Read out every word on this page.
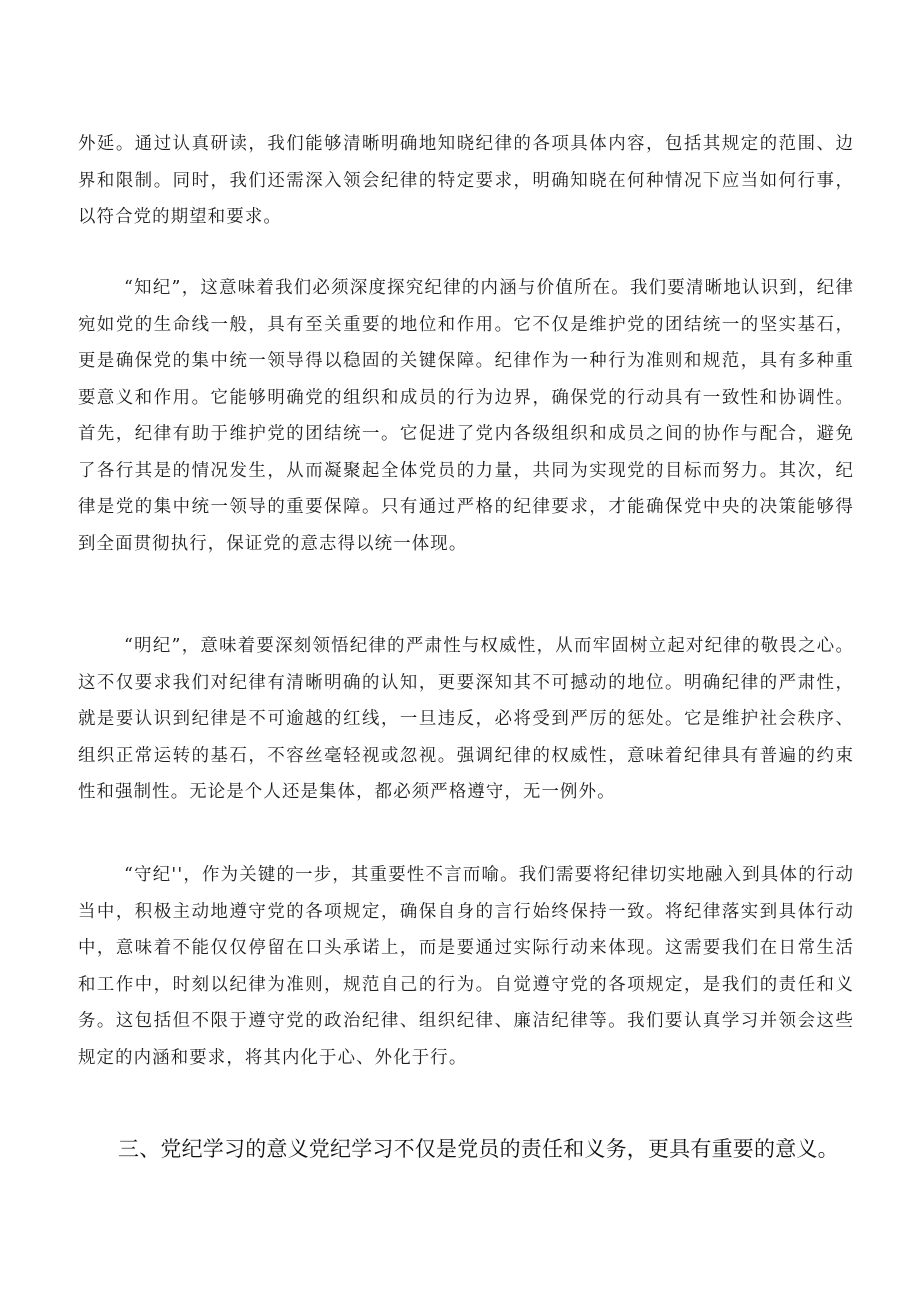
外延。通过认真研读，我们能够清晰明确地知晓纪律的各项具体内容，包括其规定的范围、边界和限制。同时，我们还需深入领会纪律的特定要求，明确知晓在何种情况下应当如何行事，以符合党的期望和要求。

“知纪”，这意味着我们必须深度探究纪律的内涵与价值所在。我们要清晰地认识到，纪律宛如党的生命线一般，具有至关重要的地位和作用。它不仅是维护党的团结统一的坚实基石，更是确保党的集中统一领导得以稳固的关键保障。纪律作为一种行为准则和规范，具有多种重要意义和作用。它能够明确党的组织和成员的行为边界，确保党的行动具有一致性和协调性。首先，纪律有助于维护党的团结统一。它促进了党内各级组织和成员之间的协作与配合，避免了各行其是的情况发生，从而凝聚起全体党员的力量，共同为实现党的目标而努力。其次，纪律是党的集中统一领导的重要保障。只有通过严格的纪律要求，才能确保党中央的决策能够得到全面贯彻执行，保证党的意志得以统一体现。

“明纪”，意味着要深刻领悟纪律的严肃性与权威性，从而牢固树立起对纪律的敬畏之心。这不仅要求我们对纪律有清晰明确的认知，更要深知其不可撼动的地位。明确纪律的严肃性，就是要认识到纪律是不可逾越的红线，一旦违反，必将受到严厉的惩处。它是维护社会秩序、组织正常运转的基石，不容丝毫轻视或忽视。强调纪律的权威性，意味着纪律具有普遍的约束性和强制性。无论是个人还是集体，都必须严格遵守，无一例外。

“守纪''，作为关键的一步，其重要性不言而喻。我们需要将纪律切实地融入到具体的行动当中，积极主动地遵守党的各项规定，确保自身的言行始终保持一致。将纪律落实到具体行动中，意味着不能仅仅停留在口头承诺上，而是要通过实际行动来体现。这需要我们在日常生活和工作中，时刻以纪律为准则，规范自己的行为。自觉遵守党的各项规定，是我们的责任和义务。这包括但不限于遵守党的政治纪律、组织纪律、廉洁纪律等。我们要认真学习并领会这些规定的内涵和要求，将其内化于心、外化于行。

三、党纪学习的意义党纪学习不仅是党员的责任和义务，更具有重要的意义。
